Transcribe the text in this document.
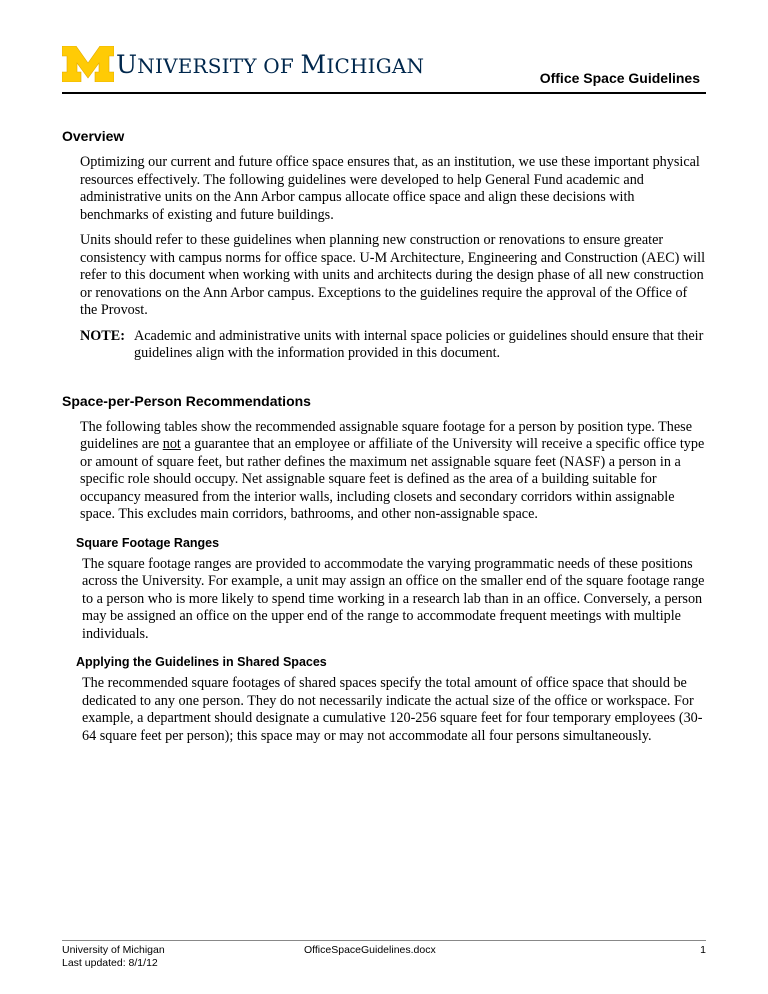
UNIVERSITY OF MICHIGAN
Office Space Guidelines
Overview

Optimizing our current and future office space ensures that, as an institution, we use these important physical resources effectively. The following guidelines were developed to help General Fund academic and administrative units on the Ann Arbor campus allocate office space and align these decisions with benchmarks of existing and future buildings.

Units should refer to these guidelines when planning new construction or renovations to ensure greater consistency with campus norms for office space. U-M Architecture, Engineering and Construction (AEC) will refer to this document when working with units and architects during the design phase of all new construction or renovations on the Ann Arbor campus. Exceptions to the guidelines require the approval of the Office of the Provost.

NOTE: Academic and administrative units with internal space policies or guidelines should ensure that their guidelines align with the information provided in this document.
Space-per-Person Recommendations

The following tables show the recommended assignable square footage for a person by position type. These guidelines are not a guarantee that an employee or affiliate of the University will receive a specific office type or amount of square feet, but rather defines the maximum net assignable square feet (NASF) a person in a specific role should occupy. Net assignable square feet is defined as the area of a building suitable for occupancy measured from the interior walls, including closets and secondary corridors within assignable space. This excludes main corridors, bathrooms, and other non-assignable space.

Square Footage Ranges

The square footage ranges are provided to accommodate the varying programmatic needs of these positions across the University. For example, a unit may assign an office on the smaller end of the square footage range to a person who is more likely to spend time working in a research lab than in an office. Conversely, a person may be assigned an office on the upper end of the range to accommodate frequent meetings with multiple individuals.

Applying the Guidelines in Shared Spaces

The recommended square footages of shared spaces specify the total amount of office space that should be dedicated to any one person. They do not necessarily indicate the actual size of the office or workspace. For example, a department should designate a cumulative 120-256 square feet for four temporary employees (30-64 square feet per person); this space may or may not accommodate all four persons simultaneously.

University of Michigan
Last updated: 8/1/12
OfficeSpaceGuidelines.docx	1
